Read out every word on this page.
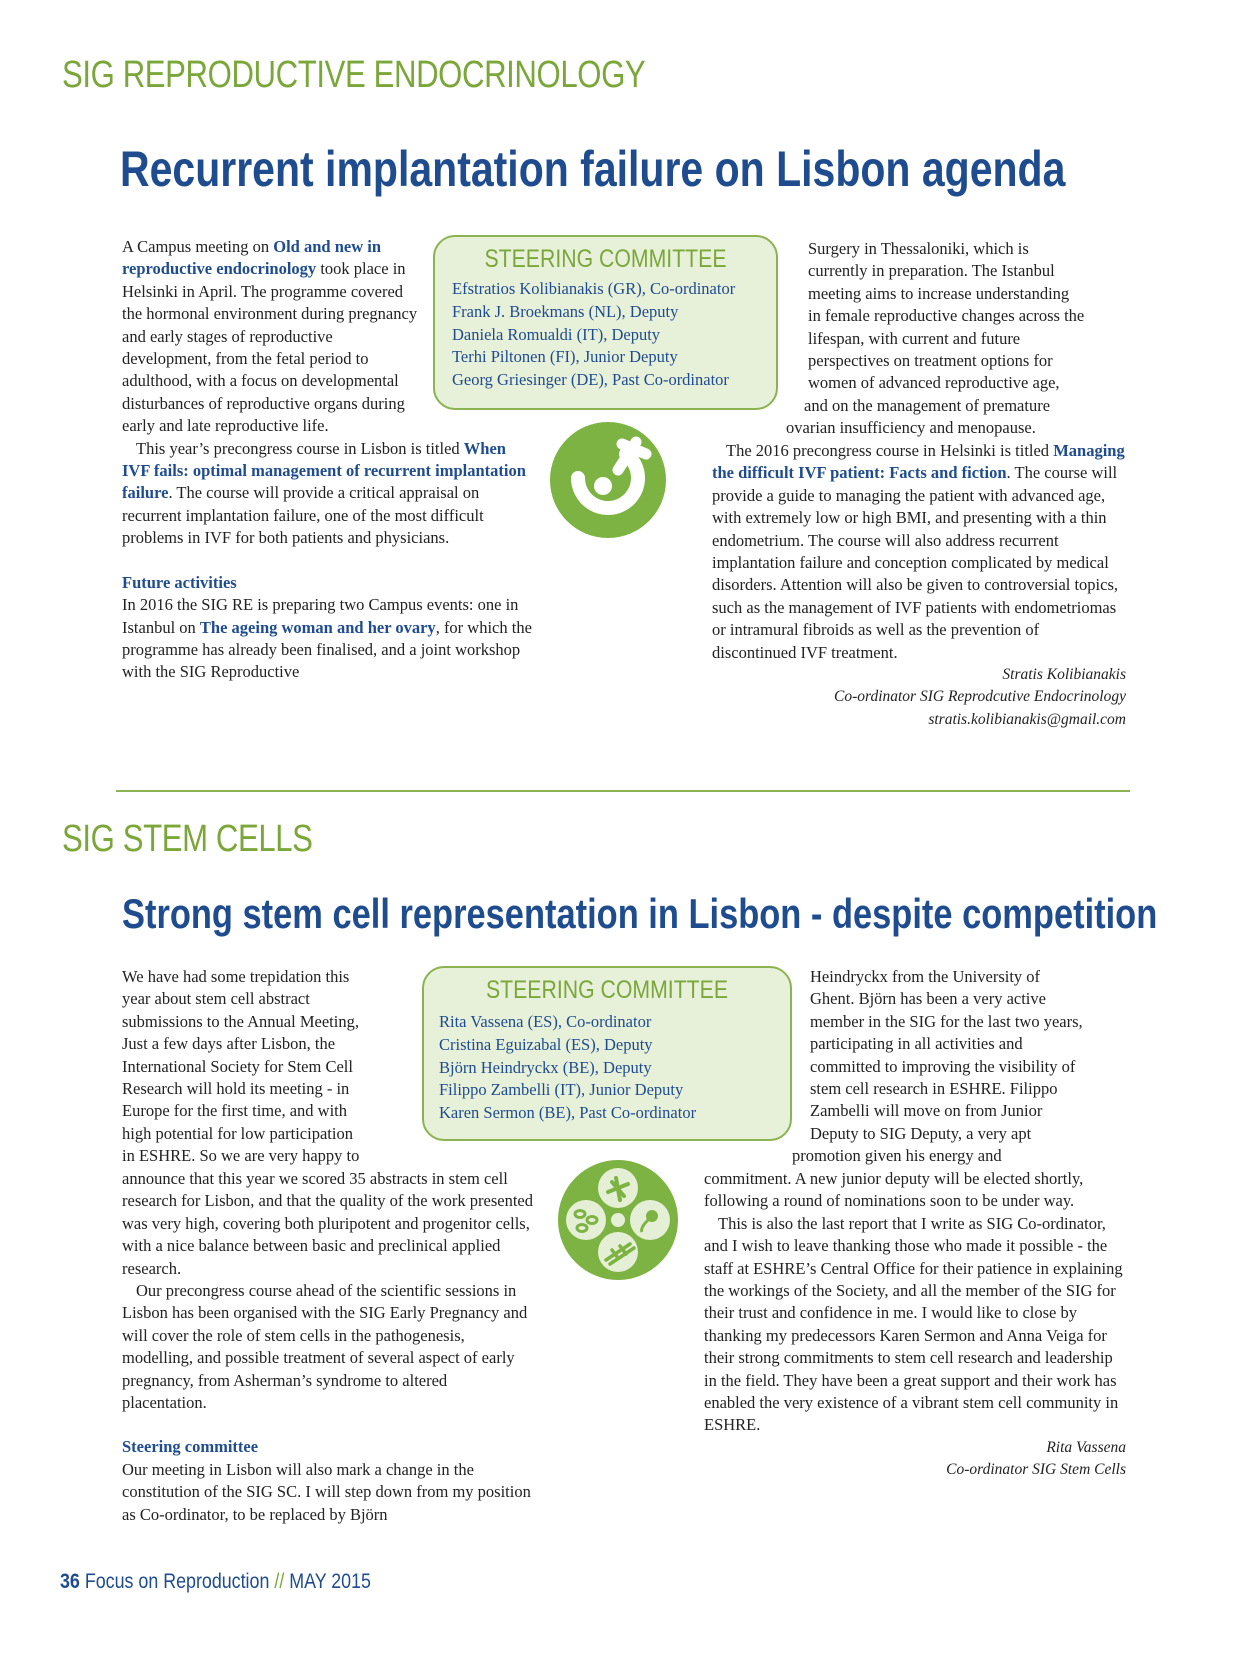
SIG REPRODUCTIVE ENDOCRINOLOGY
Recurrent implantation failure on Lisbon agenda
STEERING COMMITTEE
Efstratios Kolibianakis (GR), Co-ordinator
Frank J. Broekmans (NL), Deputy
Daniela Romualdi (IT), Deputy
Terhi Piltonen (FI), Junior Deputy
Georg Griesinger (DE), Past Co-ordinator

A Campus meeting on Old and new in reproductive endocrinology took place in Helsinki in April. The programme covered the hormonal environment during pregnancy and early stages of reproductive development, from the fetal period to adulthood, with a focus on developmental disturbances of reproductive organs during early and late reproductive life.

This year’s precongress course in Lisbon is titled When IVF fails: optimal management of recurrent implantation failure. The course will provide a critical appraisal on recurrent implantation failure, one of the most difficult problems in IVF for both patients and physicians.

Future activities

In 2016 the SIG RE is preparing two Campus events: one in Istanbul on The ageing woman and her ovary, for which the programme has already been finalised, and a joint workshop with the SIG Reproductive

Surgery in Thessaloniki, which is
currently in preparation. The Istanbul
meeting aims to increase understanding
in female reproductive changes across the
lifespan, with current and future
perspectives on treatment options for
women of advanced reproductive age,
and on the management of premature
ovarian insufficiency and menopause.

The 2016 precongress course in Helsinki is titled Managing the difficult IVF patient: Facts and fiction. The course will provide a guide to managing the patient with advanced age, with extremely low or high BMI, and presenting with a thin endometrium. The course will also address recurrent implantation failure and conception complicated by medical disorders. Attention will also be given to controversial topics, such as the management of IVF patients with endometriomas or intramural fibroids as well as the prevention of discontinued IVF treatment.

Stratis Kolibianakis

Co-ordinator SIG Reprodcutive Endocrinology

stratis.kolibianakis@gmail.com

SIG STEM CELLS
Strong stem cell representation in Lisbon - despite competition
STEERING COMMITTEE
Rita Vassena (ES), Co-ordinator
Cristina Eguizabal (ES), Deputy
Björn Heindryckx (BE), Deputy
Filippo Zambelli (IT), Junior Deputy
Karen Sermon (BE), Past Co-ordinator
We have had some trepidation this
year about stem cell abstract
submissions to the Annual Meeting,
Just a few days after Lisbon, the
International Society for Stem Cell
Research will hold its meeting - in
Europe for the first time, and with
high potential for low participation
in ESHRE. So we are very happy to

announce that this year we scored 35 abstracts in stem cell research for Lisbon, and that the quality of the work presented was very high, covering both pluripotent and progenitor cells, with a nice balance between basic and preclinical applied research.

Our precongress course ahead of the scientific sessions in Lisbon has been organised with the SIG Early Pregnancy and will cover the role of stem cells in the pathogenesis, modelling, and possible treatment of several aspect of early pregnancy, from Asherman’s syndrome to altered placentation.

Steering committee

Our meeting in Lisbon will also mark a change in the constitution of the SIG SC. I will step down from my position as Co-ordinator, to be replaced by Björn

Heindryckx from the University of
Ghent. Björn has been a very active
member in the SIG for the last two years,
participating in all activities and
committed to improving the visibility of
stem cell research in ESHRE. Filippo
Zambelli will move on from Junior
Deputy to SIG Deputy, a very apt
promotion given his energy and

commitment. A new junior deputy will be elected shortly, following a round of nominations soon to be under way.

This is also the last report that I write as SIG Co-ordinator, and I wish to leave thanking those who made it possible - the staff at ESHRE’s Central Office for their patience in explaining the workings of the Society, and all the member of the SIG for their trust and confidence in me. I would like to close by thanking my predecessors Karen Sermon and Anna Veiga for their strong commitments to stem cell research and leadership in the field. They have been a great support and their work has enabled the very existence of a vibrant stem cell community in ESHRE.

Rita Vassena

Co-ordinator SIG Stem Cells

36 Focus on Reproduction // MAY 2015
